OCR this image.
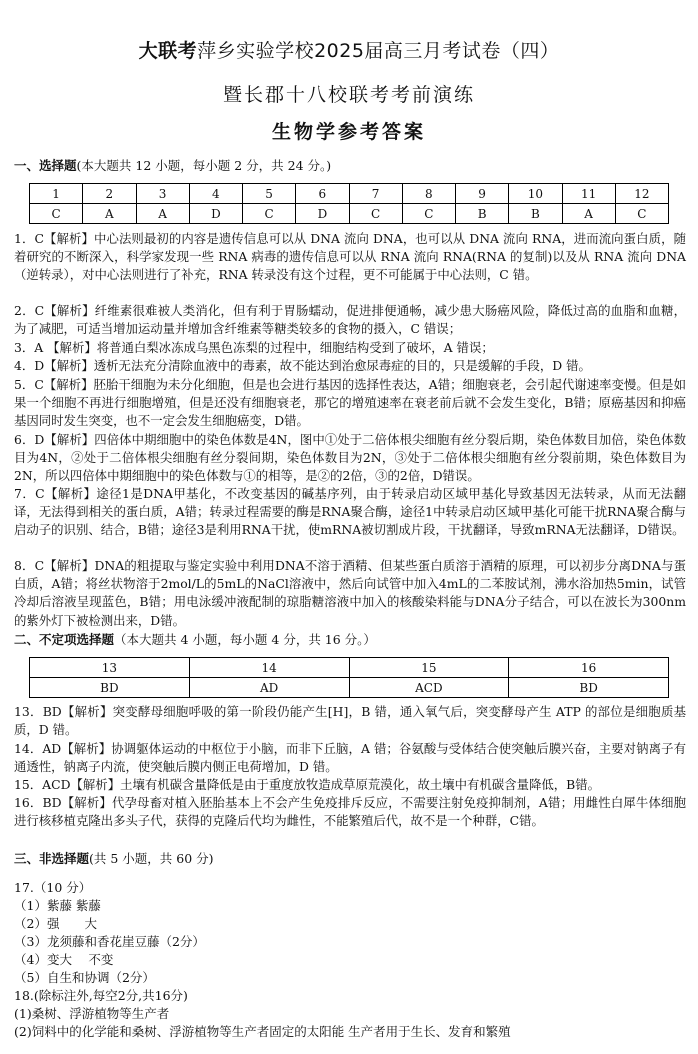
大联考萍乡实验学校2025届高三月考试卷（四）
暨长郡十八校联考考前演练
生物学参考答案
一、选择题(本大题共 12 小题，每小题 2 分，共 24 分。)
1	2	3	4	5	6	7	8	9	10	11	12
C	A	A	D	C	D	C	C	B	B	A	C
1．C【解析】中心法则最初的内容是遗传信息可以从 DNA 流向 DNA，也可以从 DNA 流向 RNA，进而流向蛋白质，随着研究的不断深入，科学家发现一些 RNA 病毒的遗传信息可以从 RNA 流向 RNA(RNA 的复制)以及从 RNA 流向 DNA（逆转录），对中心法则进行了补充，RNA 转录没有这个过程，更不可能属于中心法则，C 错。
2．C【解析】纤维素很难被人类消化，但有利于胃肠蠕动，促进排便通畅，减少患大肠癌风险，降低过高的血脂和血糖，为了减肥，可适当增加运动量并增加含纤维素等糖类较多的食物的摄入，C 错误；
3．A 【解析】将普通白梨冰冻成乌黑色冻梨的过程中，细胞结构受到了破坏，A 错误；
4．D【解析】透析无法充分清除血液中的毒素，故不能达到治愈尿毒症的目的，只是缓解的手段，D 错。
5．C【解析】胚胎干细胞为未分化细胞，但是也会进行基因的选择性表达，A错；细胞衰老，会引起代谢速率变慢。但是如果一个细胞不再进行细胞增殖，但是还没有细胞衰老，那它的增殖速率在衰老前后就不会发生变化，B错；原癌基因和抑癌基因同时发生突变，也不一定会发生细胞癌变，D错。
6．D【解析】四倍体中期细胞中的染色体数是4N，图中①处于二倍体根尖细胞有丝分裂后期，染色体数目加倍，染色体数目为4N，②处于二倍体根尖细胞有丝分裂间期，染色体数目为2N，③处于二倍体根尖细胞有丝分裂前期，染色体数目为2N，所以四倍体中期细胞中的染色体数与①的相等，是②的2倍，③的2倍，D错误。
7．C【解析】途径1是DNA甲基化，不改变基因的碱基序列，由于转录启动区域甲基化导致基因无法转录，从而无法翻译，无法得到相关的蛋白质，A错；转录过程需要的酶是RNA聚合酶，途径1中转录启动区域甲基化可能干扰RNA聚合酶与启动子的识别、结合，B错；途径3是利用RNA干扰，使mRNA被切割成片段，干扰翻译，导致mRNA无法翻译，D错误。
8．C【解析】DNA的粗提取与鉴定实验中利用DNA不溶于酒精、但某些蛋白质溶于酒精的原理，可以初步分离DNA与蛋白质，A错；将丝状物溶于2mol/L的5mL的NaCl溶液中，然后向试管中加入4mL的二苯胺试剂，沸水浴加热5min，试管冷却后溶液呈现蓝色，B错；用电泳缓冲液配制的琼脂糖溶液中加入的核酸染料能与DNA分子结合，可以在波长为300nm的紫外灯下被检测出来，D错。
二、不定项选择题（本大题共 4 小题，每小题 4 分，共 16 分。）
13	14	15	16
BD	AD	ACD	BD
13．BD【解析】突变酵母细胞呼吸的第一阶段仍能产生[H]，B 错，通入氧气后，突变酵母产生 ATP 的部位是细胞质基质，D 错。
14．AD【解析】协调躯体运动的中枢位于小脑，而非下丘脑，A 错；谷氨酸与受体结合使突触后膜兴奋，主要对钠离子有通透性，钠离子内流，使突触后膜内侧正电荷增加，D 错。
15．ACD【解析】土壤有机碳含量降低是由于重度放牧造成草原荒漠化，故土壤中有机碳含量降低，B错。
16．BD【解析】代孕母畜对植入胚胎基本上不会产生免疫排斥反应，不需要注射免疫抑制剂，A错；用雌性白犀牛体细胞进行核移植克隆出多头子代，获得的克隆后代均为雌性，不能繁殖后代，故不是一个种群，C错。
三、非选择题(共 5 小题，共 60 分)
17.（10 分）
（1）紫藤 紫藤
（2）强　　大
（3）龙须藤和香花崖豆藤（2分）
（4）变大　 不变
（5）自生和协调（2分）
18.(除标注外,每空2分,共16分)
(1)桑树、浮游植物等生产者
(2)饲料中的化学能和桑树、浮游植物等生产者固定的太阳能 生产者用于生长、发育和繁殖
